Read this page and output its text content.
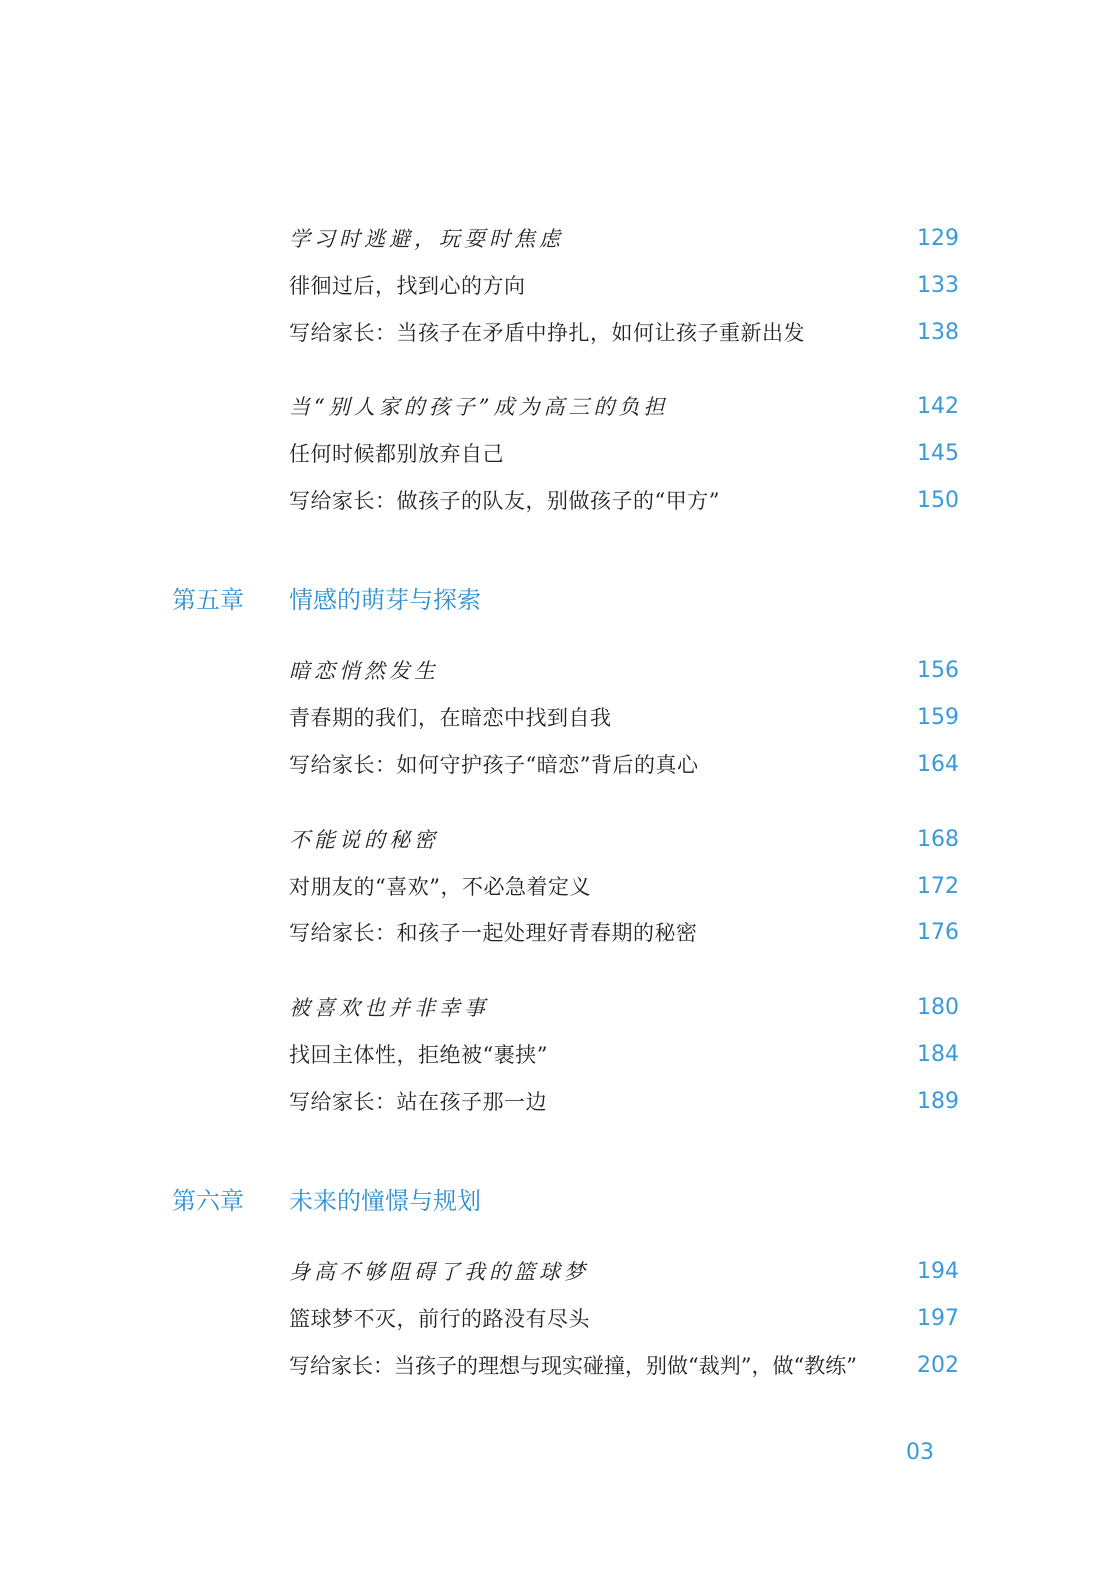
学习时逃避，玩耍时焦虑	129
徘徊过后，找到心的方向	133
写给家长：当孩子在矛盾中挣扎，如何让孩子重新出发	138
当“别人家的孩子”成为高三的负担	142
任何时候都别放弃自己	145
写给家长：做孩子的队友，别做孩子的“甲方”	150
第五章	情感的萌芽与探索
暗恋悄然发生	156
青春期的我们，在暗恋中找到自我	159
写给家长：如何守护孩子“暗恋”背后的真心	164
不能说的秘密	168
对朋友的“喜欢”，不必急着定义	172
写给家长：和孩子一起处理好青春期的秘密	176
被喜欢也并非幸事	180
找回主体性，拒绝被“裹挟”	184
写给家长：站在孩子那一边	189
第六章	未来的憧憬与规划
身高不够阻碍了我的篮球梦	194
篮球梦不灭，前行的路没有尽头	197
写给家长：当孩子的理想与现实碰撞，别做“裁判”，做“教练”	202
03
